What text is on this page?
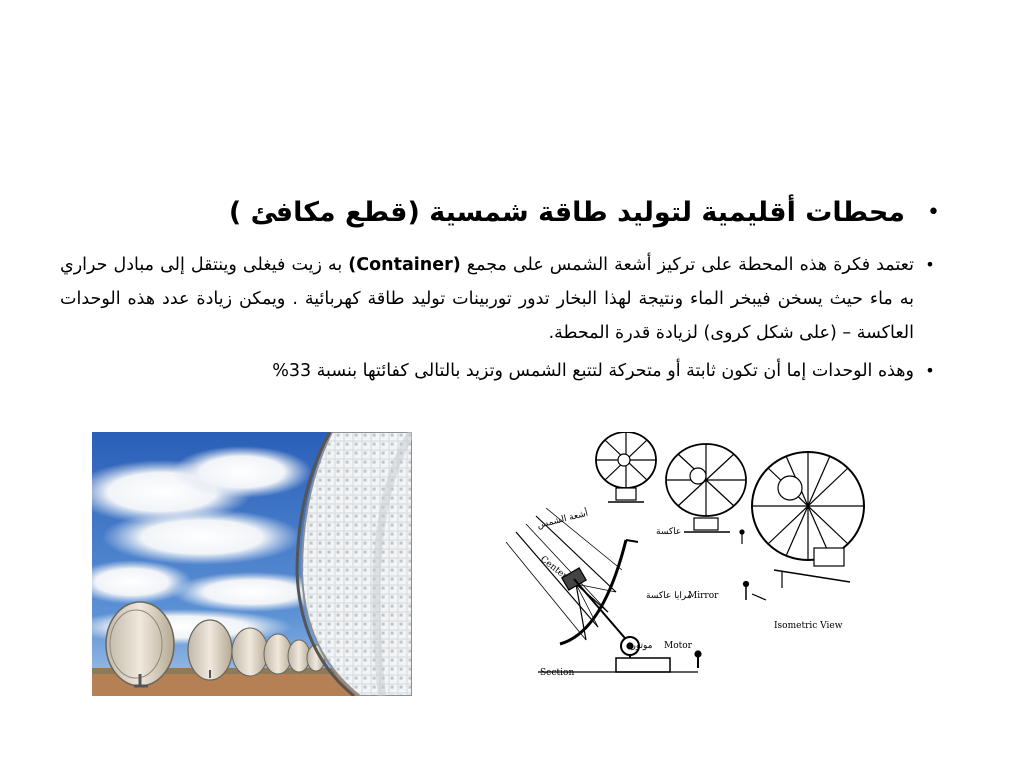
•
محطات أقليمية لتوليد طاقة شمسية (قطع مكافئ )
•
تعتمد فكرة هذه المحطة على تركيز أشعة الشمس على مجمع (Container) به زيت فيغلى وينتقل إلى مبادل حراري به ماء حيث يسخن فيبخر الماء ونتيجة لهذا البخار تدور توربينات توليد طاقة كهربائية . ويمكن زيادة عدد هذه الوحدات العاكسة – (على شكل كروى) لزيادة قدرة المحطة.
•
وهذه الوحدات إما أن تكون ثابتة أو متحركة لتتبع الشمس وتزيد بالتالى كفائتها بنسبة 33%
أشعة الشمس
Center
Mirror
مرايا عاكسة
Motor
موتور
Section
عاكسة
Isometric View
